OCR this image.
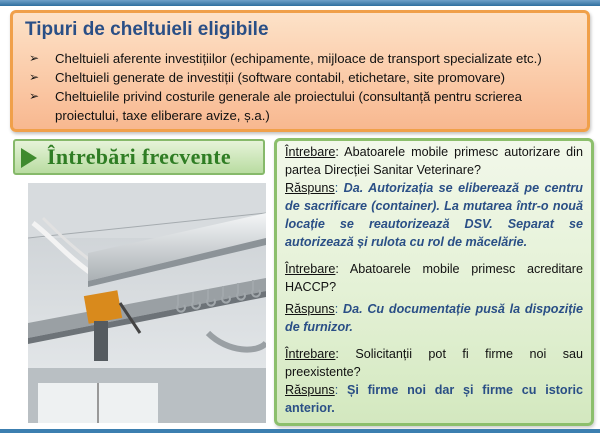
Tipuri de cheltuieli eligibile
➢ Cheltuieli aferente investițiilor (echipamente, mijloace de transport specializate etc.)
➢ Cheltuieli generate de investiții (software contabil, etichetare, site promovare)
➢ Cheltuielile privind costurile generale ale proiectului (consultanță pentru scrierea proiectului, taxe eliberare avize, ș.a.)
Întrebări frecvente	Întrebare: Abatoarele mobile primesc autorizare din partea Direcției Sanitar Veterinare?

Răspuns: Da. Autorizația se eliberează pe centru de sacrificare (container). La mutarea într-o nouă locație se reautorizează DSV. Separat se autorizează și rulota cu rol de măcelărie.

Întrebare: Abatoarele mobile primesc acreditare HACCP?

Răspuns: Da. Cu documentație pusă la dispoziție de furnizor.

Întrebare: Solicitanții pot fi firme noi sau preexistente?

Răspuns: Și firme noi dar și firme cu istoric anterior.
